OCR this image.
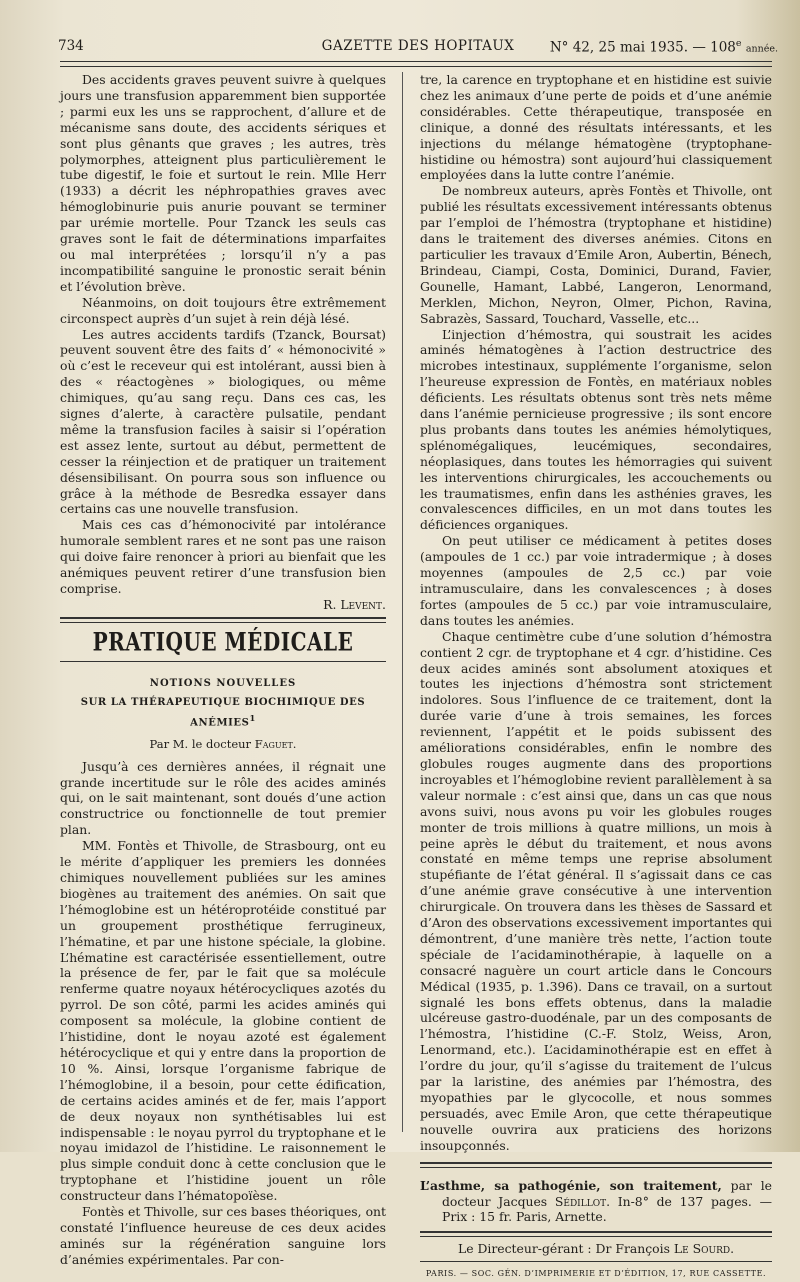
734	GAZETTE DES HOPITAUX	N° 42, 25 mai 1935. — 108e année.

Des accidents graves peuvent suivre à quelques jours une transfusion apparemment bien supportée ; parmi eux les uns se rapprochent, d’allure et de mécanisme sans doute, des accidents sériques et sont plus gênants que graves ; les autres, très polymorphes, atteignent plus particulièrement le tube digestif, le foie et surtout le rein. Mlle Herr (1933) a décrit les néphropathies graves avec hémoglobinurie puis anurie pouvant se terminer par urémie mortelle. Pour Tzanck les seuls cas graves sont le fait de déterminations imparfaites ou mal interprétées ; lorsqu’il n’y a pas incompatibilité sanguine le pronostic serait bénin et l’évolution brève.

Néanmoins, on doit toujours être extrêmement circonspect auprès d’un sujet à rein déjà lésé.

Les autres accidents tardifs (Tzanck, Boursat) peuvent souvent être des faits d’ « hémonocivité » où c’est le receveur qui est intolérant, aussi bien à des « réactogènes » biologiques, ou même chimiques, qu’au sang reçu. Dans ces cas, les signes d’alerte, à caractère pulsatile, pendant même la transfusion faciles à saisir si l’opération est assez lente, surtout au début, permettent de cesser la réinjection et de pratiquer un traitement désensibilisant. On pourra sous son influence ou grâce à la méthode de Besredka essayer dans certains cas une nouvelle transfusion.

Mais ces cas d’hémonocivité par intolérance humorale semblent rares et ne sont pas une raison qui doive faire renoncer à priori au bienfait que les anémiques peuvent retirer d’une transfusion bien comprise.

R. Levent.
PRATIQUE MÉDICALE
NOTIONS NOUVELLES
SUR LA THÉRAPEUTIQUE BIOCHIMIQUE DES ANÉMIES$^1$
Par M. le docteur Faguet.

Jusqu’à ces dernières années, il régnait une grande incertitude sur le rôle des acides aminés qui, on le sait maintenant, sont doués d’une action constructrice ou fonctionnelle de tout premier plan.

MM. Fontès et Thivolle, de Strasbourg, ont eu le mérite d’appliquer les premiers les données chimiques nouvellement publiées sur les amines biogènes au traitement des anémies. On sait que l’hémoglobine est un hétéroprotéide constitué par un groupement prosthétique ferrugineux, l’hématine, et par une histone spéciale, la globine. L’hématine est caractérisée essentiellement, outre la présence de fer, par le fait que sa molécule renferme quatre noyaux hétérocycliques azotés du pyrrol. De son côté, parmi les acides aminés qui composent sa molécule, la globine contient de l’histidine, dont le noyau azoté est également hétérocyclique et qui y entre dans la proportion de 10 %. Ainsi, lorsque l’organisme fabrique de l’hémoglobine, il a besoin, pour cette édification, de certains acides aminés et de fer, mais l’apport de deux noyaux non synthétisables lui est indispensable : le noyau pyrrol du tryptophane et le noyau imidazol de l’histidine. Le raisonnement le plus simple conduit donc à cette conclusion que le tryptophane et l’histidine jouent un rôle constructeur dans l’hématopoïèse.

Fontès et Thivolle, sur ces bases théoriques, ont constaté l’influence heureuse de ces deux acides aminés sur la régénération sanguine lors d’anémies expérimentales. Par con-

tre, la carence en tryptophane et en histidine est suivie chez les animaux d’une perte de poids et d’une anémie considérables. Cette thérapeutique, transposée en clinique, a donné des résultats intéressants, et les injections du mélange hématogène (tryptophane-histidine ou hémostra) sont aujourd’hui classiquement employées dans la lutte contre l’anémie.

De nombreux auteurs, après Fontès et Thivolle, ont publié les résultats excessivement intéressants obtenus par l’emploi de l’hémostra (tryptophane et histidine) dans le traitement des diverses anémies. Citons en particulier les travaux d’Emile Aron, Aubertin, Bénech, Brindeau, Ciampi, Costa, Dominici, Durand, Favier, Gounelle, Hamant, Labbé, Langeron, Lenormand, Merklen, Michon, Neyron, Olmer, Pichon, Ravina, Sabrazès, Sassard, Touchard, Vasselle, etc...

L’injection d’hémostra, qui soustrait les acides aminés hématogènes à l’action destructrice des microbes intestinaux, supplémente l’organisme, selon l’heureuse expression de Fontès, en matériaux nobles déficients. Les résultats obtenus sont très nets même dans l’anémie pernicieuse progressive ; ils sont encore plus probants dans toutes les anémies hémolytiques, splénomégaliques, leucémiques, secondaires, néoplasiques, dans toutes les hémorragies qui suivent les interventions chirurgicales, les accouchements ou les traumatismes, enfin dans les asthénies graves, les convalescences difficiles, en un mot dans toutes les déficiences organiques.

On peut utiliser ce médicament à petites doses (ampoules de 1 cc.) par voie intradermique ; à doses moyennes (ampoules de 2,5 cc.) par voie intramusculaire, dans les convalescences ; à doses fortes (ampoules de 5 cc.) par voie intramusculaire, dans toutes les anémies.

Chaque centimètre cube d’une solution d’hémostra contient 2 cgr. de tryptophane et 4 cgr. d’histidine. Ces deux acides aminés sont absolument atoxiques et toutes les injections d’hémostra sont strictement indolores. Sous l’influence de ce traitement, dont la durée varie d’une à trois semaines, les forces reviennent, l’appétit et le poids subissent des améliorations considérables, enfin le nombre des globules rouges augmente dans des proportions incroyables et l’hémoglobine revient parallèlement à sa valeur normale : c’est ainsi que, dans un cas que nous avons suivi, nous avons pu voir les globules rouges monter de trois millions à quatre millions, un mois à peine après le début du traitement, et nous avons constaté en même temps une reprise absolument stupéfiante de l’état général. Il s’agissait dans ce cas d’une anémie grave consécutive à une intervention chirurgicale. On trouvera dans les thèses de Sassard et d’Aron des observations excessivement importantes qui démontrent, d’une manière très nette, l’action toute spéciale de l’acidaminothérapie, à laquelle on a consacré naguère un court article dans le Concours Médical (1935, p. 1.396). Dans ce travail, on a surtout signalé les bons effets obtenus, dans la maladie ulcéreuse gastro-duodénale, par un des composants de l’hémostra, l’histidine (C.-F. Stolz, Weiss, Aron, Lenormand, etc.). L’acidaminothérapie est en effet à l’ordre du jour, qu’il s’agisse du traitement de l’ulcus par la laristine, des anémies par l’hémostra, des myopathies par le glycocolle, et nous sommes persuadés, avec Emile Aron, que cette thérapeutique nouvelle ouvrira aux praticiens des horizons insoupçonnés.

L’asthme, sa pathogénie, son traitement, par le docteur Jacques Sédillot. In-8° de 137 pages. — Prix : 15 fr. Paris, Arnette.
Le Directeur-gérant : Dr François Le Sourd.
PARIS. — SOC. GÉN. D’IMPRIMERIE ET D’ÉDITION, 17, RUE CASSETTE.
